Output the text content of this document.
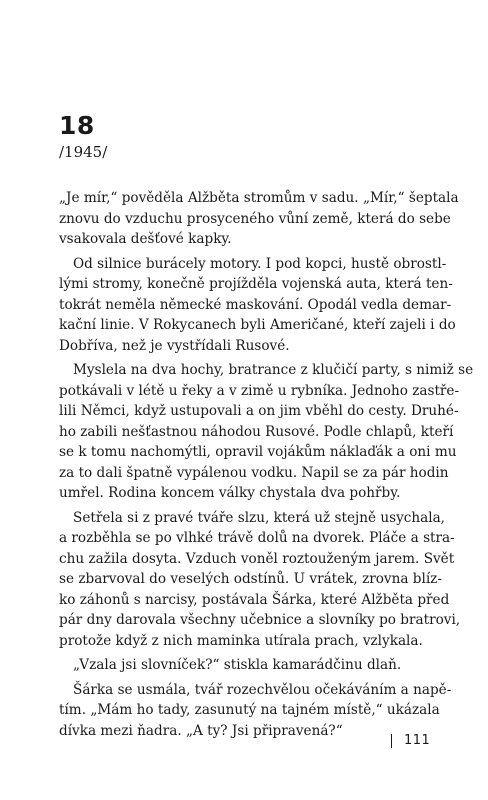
18
/1945/
„Je mír,“ pověděla Alžběta stromům v sadu. „Mír,“ šeptala
znovu do vzduchu prosyceného vůní země, která do sebe
vsakovala dešťové kapky.
Od silnice burácely motory. I pod kopci, hustě obrostl-
lými stromy, konečně projížděla vojenská auta, která ten-
tokrát neměla německé maskování. Opodál vedla demar-
kační linie. V Rokycanech byli Američané, kteří zajeli i do
Dobříva, než je vystřídali Rusové.
Myslela na dva hochy, bratrance z klučičí party, s nimiž se
potkávali v létě u řeky a v zimě u rybníka. Jednoho zastře-
lili Němci, když ustupovali a on jim vběhl do cesty. Druhé-
ho zabili nešťastnou náhodou Rusové. Podle chlapů, kteří
se k tomu nachomýtli, opravil vojákům náklaďák a oni mu
za to dali špatně vypálenou vodku. Napil se za pár hodin
umřel. Rodina koncem války chystala dva pohřby.
Setřela si z pravé tváře slzu, která už stejně usychala,
a rozběhla se po vlhké trávě dolů na dvorek. Pláče a stra-
chu zažila dosyta. Vzduch voněl roztouženým jarem. Svět
se zbarvoval do veselých odstínů. U vrátek, zrovna blíz-
ko záhonů s narcisy, postávala Šárka, které Alžběta před
pár dny darovala všechny učebnice a slovníky po bratrovi,
protože když z nich maminka utírala prach, vzlykala.
„Vzala jsi slovníček?“ stiskla kamarádčinu dlaň.
Šárka se usmála, tvář rozechvělou očekáváním a napě-
tím. „Mám ho tady, zasunutý na tajném místě,“ ukázala
dívka mezi ňadra. „A ty? Jsi připravená?“
111
